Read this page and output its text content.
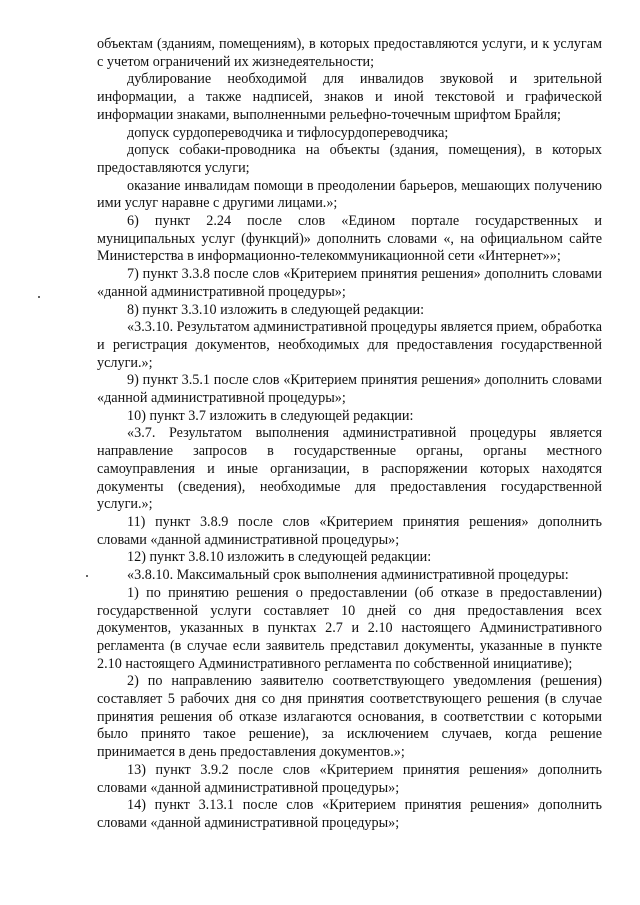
объектам (зданиям, помещениям), в которых предоставляются услуги, и к услугам с учетом ограничений их жизнедеятельности;

дублирование необходимой для инвалидов звуковой и зрительной информации, а также надписей, знаков и иной текстовой и графической информации знаками, выполненными рельефно-точечным шрифтом Брайля;

допуск сурдопереводчика и тифлосурдопереводчика;

допуск собаки-проводника на объекты (здания, помещения), в которых предоставляются услуги;

оказание инвалидам помощи в преодолении барьеров, мешающих получению ими услуг наравне с другими лицами.»;

6) пункт 2.24 после слов «Едином портале государственных и муниципальных услуг (функций)» дополнить словами «, на официальном сайте Министерства в информационно-телекоммуникационной сети «Интернет»»;

7) пункт 3.3.8 после слов «Критерием принятия решения» дополнить словами «данной административной процедуры»;

8) пункт 3.3.10 изложить в следующей редакции:

«3.3.10. Результатом административной процедуры является прием, обработка и регистрация документов, необходимых для предоставления государственной услуги.»;

9) пункт 3.5.1 после слов «Критерием принятия решения» дополнить словами «данной административной процедуры»;

10) пункт 3.7 изложить в следующей редакции:

«3.7. Результатом выполнения административной процедуры является направление запросов в государственные органы, органы местного самоуправления и иные организации, в распоряжении которых находятся документы (сведения), необходимые для предоставления государственной услуги.»;

11) пункт 3.8.9 после слов «Критерием принятия решения» дополнить словами «данной административной процедуры»;

12) пункт 3.8.10 изложить в следующей редакции:

«3.8.10. Максимальный срок выполнения административной процедуры:

1) по принятию решения о предоставлении (об отказе в предоставлении) государственной услуги составляет 10 дней со дня предоставления всех документов, указанных в пунктах 2.7 и 2.10 настоящего Административного регламента (в случае если заявитель представил документы, указанные в пункте 2.10 настоящего Административного регламента по собственной инициативе);

2) по направлению заявителю соответствующего уведомления (решения) составляет 5 рабочих дня со дня принятия соответствующего решения (в случае принятия решения об отказе излагаются основания, в соответствии с которыми было принято такое решение), за исключением случаев, когда решение принимается в день предоставления документов.»;

13) пункт 3.9.2 после слов «Критерием принятия решения» дополнить словами «данной административной процедуры»;

14) пункт 3.13.1 после слов «Критерием принятия решения» дополнить словами «данной административной процедуры»;
